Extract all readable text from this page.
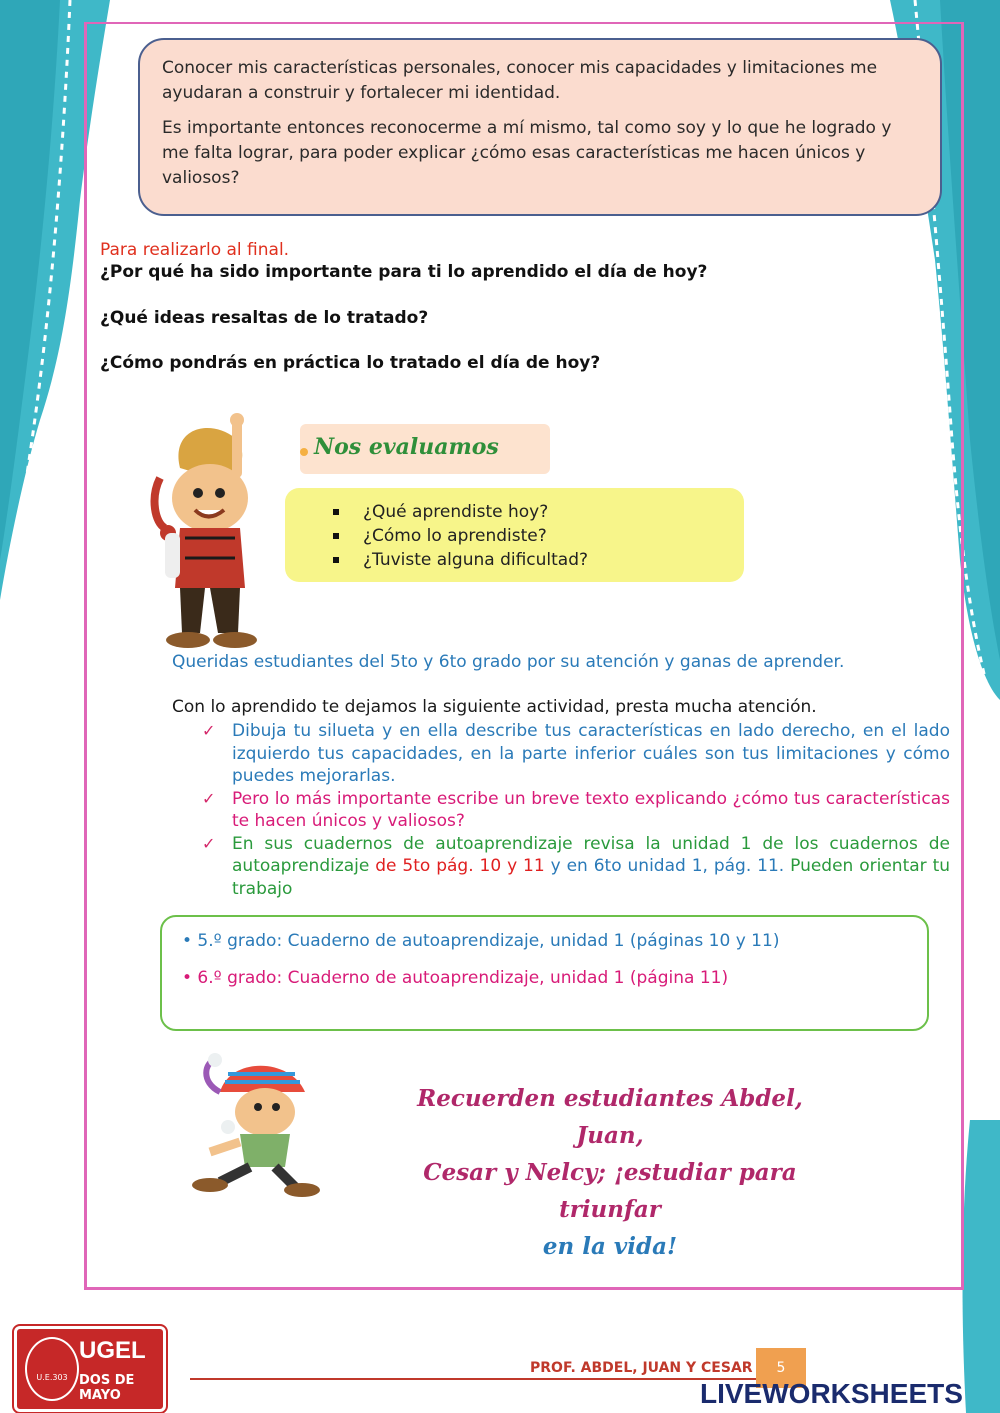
Conocer mis características personales, conocer mis capacidades y limitaciones me ayudaran a construir y fortalecer mi identidad.

Es importante entonces reconocerme a mí mismo, tal como soy y lo que he logrado y me falta lograr, para poder explicar ¿cómo esas características me hacen únicos y valiosos?

Para realizarlo al final.
¿Por qué ha sido importante para ti lo aprendido el día de hoy?
¿Qué ideas resaltas de lo tratado?
¿Cómo pondrás en práctica lo tratado el día de hoy?
Nos evaluamos
¿Qué aprendiste hoy?
¿Cómo lo aprendiste?
¿Tuviste alguna dificultad?
Queridas estudiantes del 5to y 6to grado por su atención y ganas de aprender.
Con lo aprendido te dejamos la siguiente actividad, presta mucha atención.
✓ Dibuja tu silueta y en ella describe tus características en lado derecho, en el lado izquierdo tus capacidades, en la parte inferior cuáles son tus limitaciones y cómo puedes mejorarlas.
✓ Pero lo más importante escribe un breve texto explicando ¿cómo tus características te hacen únicos y valiosos?
✓ En sus cuadernos de autoaprendizaje revisa la unidad 1 de los cuadernos de autoaprendizaje de 5to pág. 10 y 11 y en 6to unidad 1, pág. 11. Pueden orientar tu trabajo
• 5.º grado: Cuaderno de autoaprendizaje, unidad 1 (páginas 10 y 11)
• 6.º grado: Cuaderno de autoaprendizaje, unidad 1 (página 11)
Recuerden estudiantes Abdel, Juan,
Cesar y Nelcy; ¡estudiar para triunfar
en la vida!
U.E.303
UGEL
DOS DE MAYO
PROF. ABDEL, JUAN Y CESAR	5
LIVEWORKSHEETS
